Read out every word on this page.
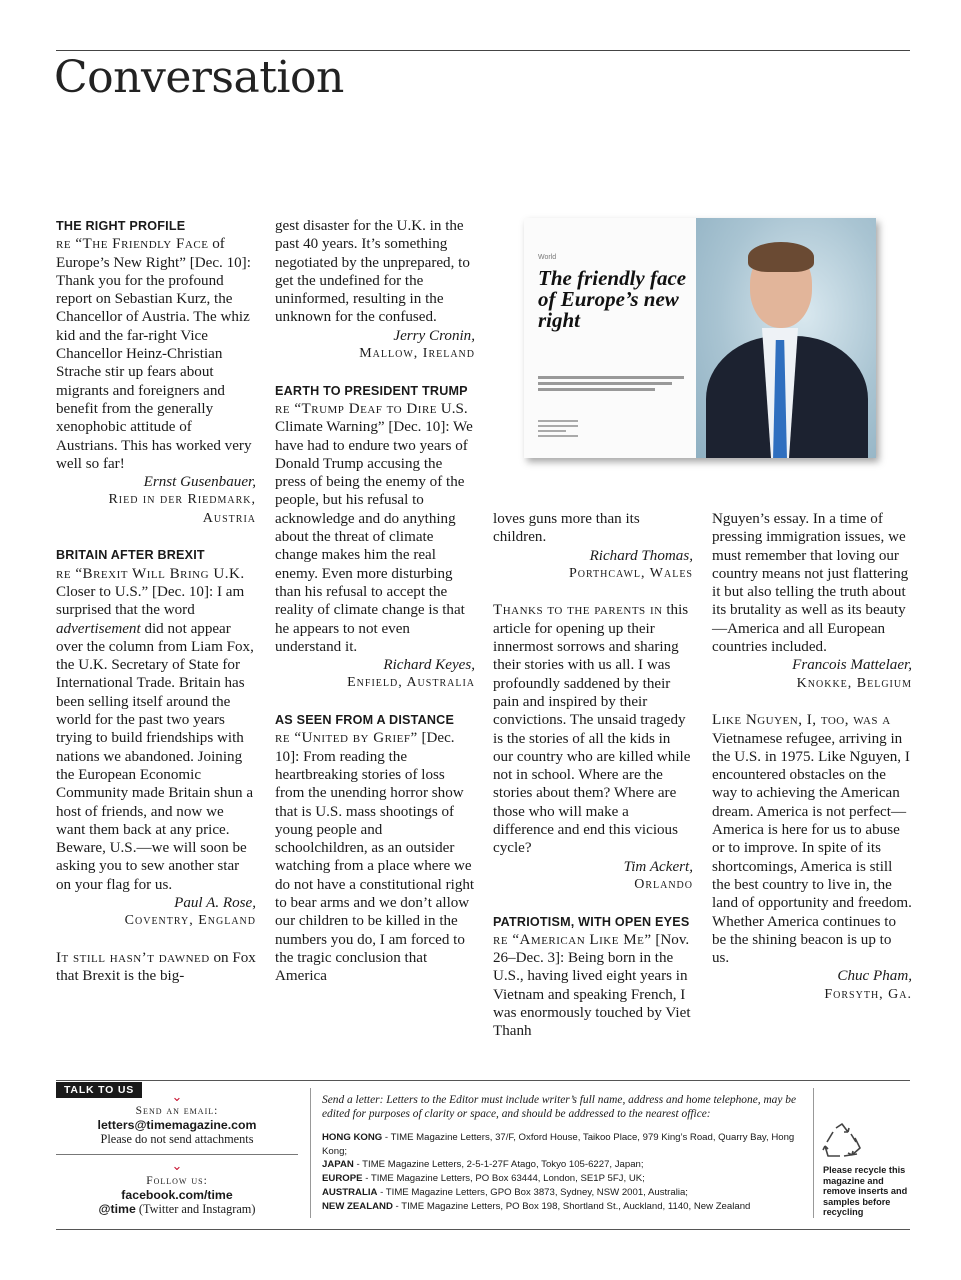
Conversation

THE RIGHT PROFILE

re “The Friendly Face of Europe’s New Right” [Dec. 10]: Thank you for the profound report on Sebastian Kurz, the Chancellor of Austria. The whiz kid and the far-right Vice Chancellor Heinz-Christian Strache stir up fears about migrants and foreigners and benefit from the generally xenophobic attitude of Austrians. This has worked very well so far!

Ernst Gusenbauer,

Ried in der Riedmark,

Austria

BRITAIN AFTER BREXIT

re “Brexit Will Bring U.K. Closer to U.S.” [Dec. 10]: I am surprised that the word advertisement did not appear over the column from Liam Fox, the U.K. Secretary of State for International Trade. Britain has been selling itself around the world for the past two years trying to build friendships with nations we abandoned. Joining the European Economic Community made Britain shun a host of friends, and now we want them back at any price. Beware, U.S.—we will soon be asking you to sew another star on your flag for us.

Paul A. Rose,

Coventry, England

It still hasn’t dawned on Fox that Brexit is the big-

gest disaster for the U.K. in the past 40 years. It’s something negotiated by the unprepared, to get the undefined for the uninformed, resulting in the unknown for the confused.

Jerry Cronin,

Mallow, Ireland

EARTH TO PRESIDENT TRUMP

re “Trump Deaf to Dire U.S. Climate Warning” [Dec. 10]: We have had to endure two years of Donald Trump accusing the press of being the enemy of the people, but his refusal to acknowledge and do anything about the threat of climate change makes him the real enemy. Even more disturbing than his refusal to accept the reality of climate change is that he appears to not even understand it.

Richard Keyes,

Enfield, Australia

AS SEEN FROM A DISTANCE

re “United by Grief” [Dec. 10]: From reading the heartbreaking stories of loss from the unending horror show that is U.S. mass shootings of young people and schoolchildren, as an outsider watching from a place where we do not have a constitutional right to bear arms and we don’t allow our children to be killed in the numbers you do, I am forced to the tragic conclusion that America

World
The friendly face of Europe’s new right

loves guns more than its children.

Richard Thomas,

Porthcawl, Wales

Thanks to the parents in this article for opening up their innermost sorrows and sharing their stories with us all. I was profoundly saddened by their pain and inspired by their convictions. The unsaid tragedy is the stories of all the kids in our country who are killed while not in school. Where are the stories about them? Where are those who will make a difference and end this vicious cycle?

Tim Ackert,

Orlando

PATRIOTISM, WITH OPEN EYES

re “American Like Me” [Nov. 26–Dec. 3]: Being born in the U.S., having lived eight years in Vietnam and speaking French, I was enormously touched by Viet Thanh

Nguyen’s essay. In a time of pressing immigration issues, we must remember that loving our country means not just flattering it but also telling the truth about its brutality as well as its beauty—America and all European countries included.

Francois Mattelaer,

Knokke, Belgium

Like Nguyen, I, too, was a Vietnamese refugee, arriving in the U.S. in 1975. Like Nguyen, I encountered obstacles on the way to achieving the American dream. America is not perfect—America is here for us to abuse or to improve. In spite of its shortcomings, America is still the best country to live in, the land of opportunity and freedom. Whether America continues to be the shining beacon is up to us.

Chuc Pham,

Forsyth, Ga.

TALK TO US	⌄
Send an email:
letters@timemagazine.com
Please do not send attachments
⌄
Follow us:
facebook.com/time
@time (Twitter and Instagram)

Send a letter: Letters to the Editor must include writer’s full name, address and home telephone, may be edited for purposes of clarity or space, and should be addressed to the nearest office:

HONG KONG - TIME Magazine Letters, 37/F, Oxford House, Taikoo Place, 979 King’s Road, Quarry Bay, Hong Kong;
JAPAN - TIME Magazine Letters, 2-5-1-27F Atago, Tokyo 105-6227, Japan;
EUROPE - TIME Magazine Letters, PO Box 63444, London, SE1P 5FJ, UK;
AUSTRALIA - TIME Magazine Letters, GPO Box 3873, Sydney, NSW 2001, Australia;
NEW ZEALAND - TIME Magazine Letters, PO Box 198, Shortland St., Auckland, 1140, New Zealand
Please recycle this magazine and remove inserts and samples before recycling
